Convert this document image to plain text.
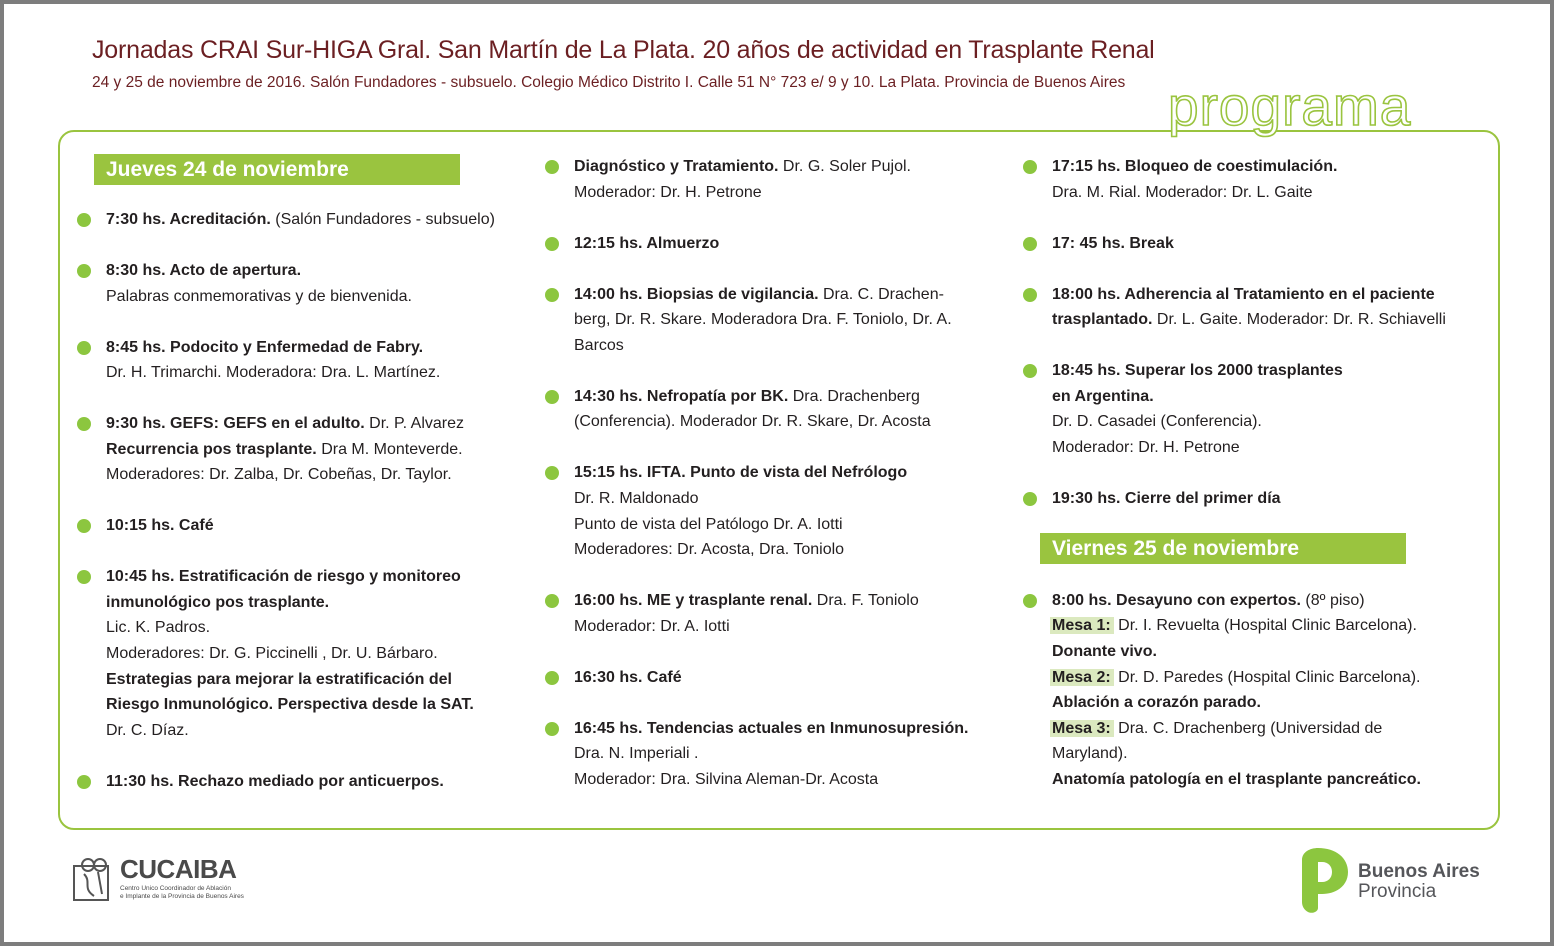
Jornadas CRAI Sur-HIGA Gral. San Martín de La Plata. 20 años de actividad en Trasplante Renal
24 y 25 de noviembre de 2016. Salón Fundadores - subsuelo. Colegio Médico Distrito I. Calle 51 N° 723 e/ 9 y 10. La Plata. Provincia de Buenos Aires programa
Jueves 24 de noviembre
7:30 hs. Acreditación. (Salón Fundadores - subsuelo)
8:30 hs. Acto de apertura.
Palabras conmemorativas y de bienvenida.
8:45 hs. Podocito y Enfermedad de Fabry.
Dr. H. Trimarchi. Moderadora: Dra. L. Martínez.
9:30 hs. GEFS: GEFS en el adulto. Dr. P. Alvarez
Recurrencia pos trasplante. Dra M. Monteverde.
Moderadores: Dr. Zalba, Dr. Cobeñas, Dr. Taylor.
10:15 hs. Café
10:45 hs. Estratificación de riesgo y monitoreo
inmunológico pos trasplante.
Lic. K. Padros.
Moderadores: Dr. G. Piccinelli , Dr. U. Bárbaro.
Estrategias para mejorar la estratificación del
Riesgo Inmunológico. Perspectiva desde la SAT.
Dr. C. Díaz.
11:30 hs. Rechazo mediado por anticuerpos.
Diagnóstico y Tratamiento. Dr. G. Soler Pujol.
Moderador: Dr. H. Petrone
12:15 hs. Almuerzo
14:00 hs. Biopsias de vigilancia. Dra. C. Drachen-
berg, Dr. R. Skare. Moderadora Dra. F. Toniolo, Dr. A.
Barcos
14:30 hs. Nefropatía por BK. Dra. Drachenberg
(Conferencia). Moderador Dr. R. Skare, Dr. Acosta
15:15 hs. IFTA. Punto de vista del Nefrólogo
Dr. R. Maldonado
Punto de vista del Patólogo Dr. A. Iotti
Moderadores: Dr. Acosta, Dra. Toniolo
16:00 hs. ME y trasplante renal. Dra. F. Toniolo
Moderador: Dr. A. Iotti
16:30 hs. Café
16:45 hs. Tendencias actuales en Inmunosupresión.
Dra. N. Imperiali .
Moderador: Dra. Silvina Aleman-Dr. Acosta
17:15 hs. Bloqueo de coestimulación.
Dra. M. Rial. Moderador: Dr. L. Gaite
17: 45 hs. Break
18:00 hs. Adherencia al Tratamiento en el paciente
trasplantado. Dr. L. Gaite. Moderador: Dr. R. Schiavelli
18:45 hs. Superar los 2000 trasplantes
en Argentina.
Dr. D. Casadei (Conferencia).
Moderador: Dr. H. Petrone
19:30 hs. Cierre del primer día
Viernes 25 de noviembre
8:00 hs. Desayuno con expertos. (8º piso)
Mesa 1: Dr. I. Revuelta (Hospital Clinic Barcelona).
Donante vivo.
Mesa 2: Dr. D. Paredes (Hospital Clinic Barcelona).
Ablación a corazón parado.
Mesa 3: Dra. C. Drachenberg (Universidad de
Maryland).
Anatomía patología en el trasplante pancreático.
CUCAIBA
Centro Unico Coordinador de Ablación
e Implante de la Provincia de Buenos Aires
Buenos Aires
Provincia
